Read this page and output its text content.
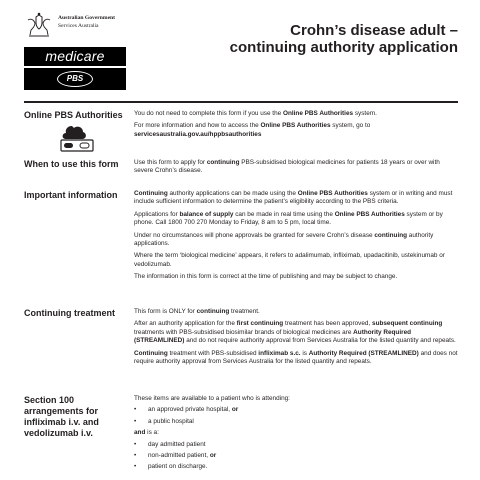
Australian Government
Services Australia
medicare
PBS
Crohn’s disease adult –
continuing authority application
Online PBS Authorities	You do not need to complete this form if you use the Online PBS Authorities system.

For more information and how to access the Online PBS Authorities system, go to
servicesaustralia.gov.au/hppbsauthorities

When to use this form	Use this form to apply for continuing PBS-subsidised biological medicines for patients 18 years or over with severe Crohn’s disease.

Important information	Continuing authority applications can be made using the Online PBS Authorities system or in writing and must include sufficient information to determine the patient’s eligibility according to the PBS criteria.

Applications for balance of supply can be made in real time using the Online PBS Authorities system or by phone. Call 1800 700 270 Monday to Friday, 8 am to 5 pm, local time.

Under no circumstances will phone approvals be granted for severe Crohn’s disease continuing authority applications.

Where the term ‘biological medicine’ appears, it refers to adalimumab, infliximab, upadacitinib, ustekinumab or vedolizumab.

The information in this form is correct at the time of publishing and may be subject to change.

Continuing treatment	This form is ONLY for continuing treatment.

After an authority application for the first continuing treatment has been approved, subsequent continuing treatments with PBS-subsidised biosimilar brands of biological medicines are Authority Required (STREAMLINED) and do not require authority approval from Services Australia for the listed quantity and repeats.

Continuing treatment with PBS-subsidised infliximab s.c. is Authority Required (STREAMLINED) and does not require authority approval from Services Australia for the listed quantity and repeats.

Section 100 arrangements for infliximab i.v. and vedolizumab i.v.

These items are available to a patient who is attending:

• an approved private hospital, or
• a public hospital

and is a:

• day admitted patient
• non-admitted patient, or
• patient on discharge.
